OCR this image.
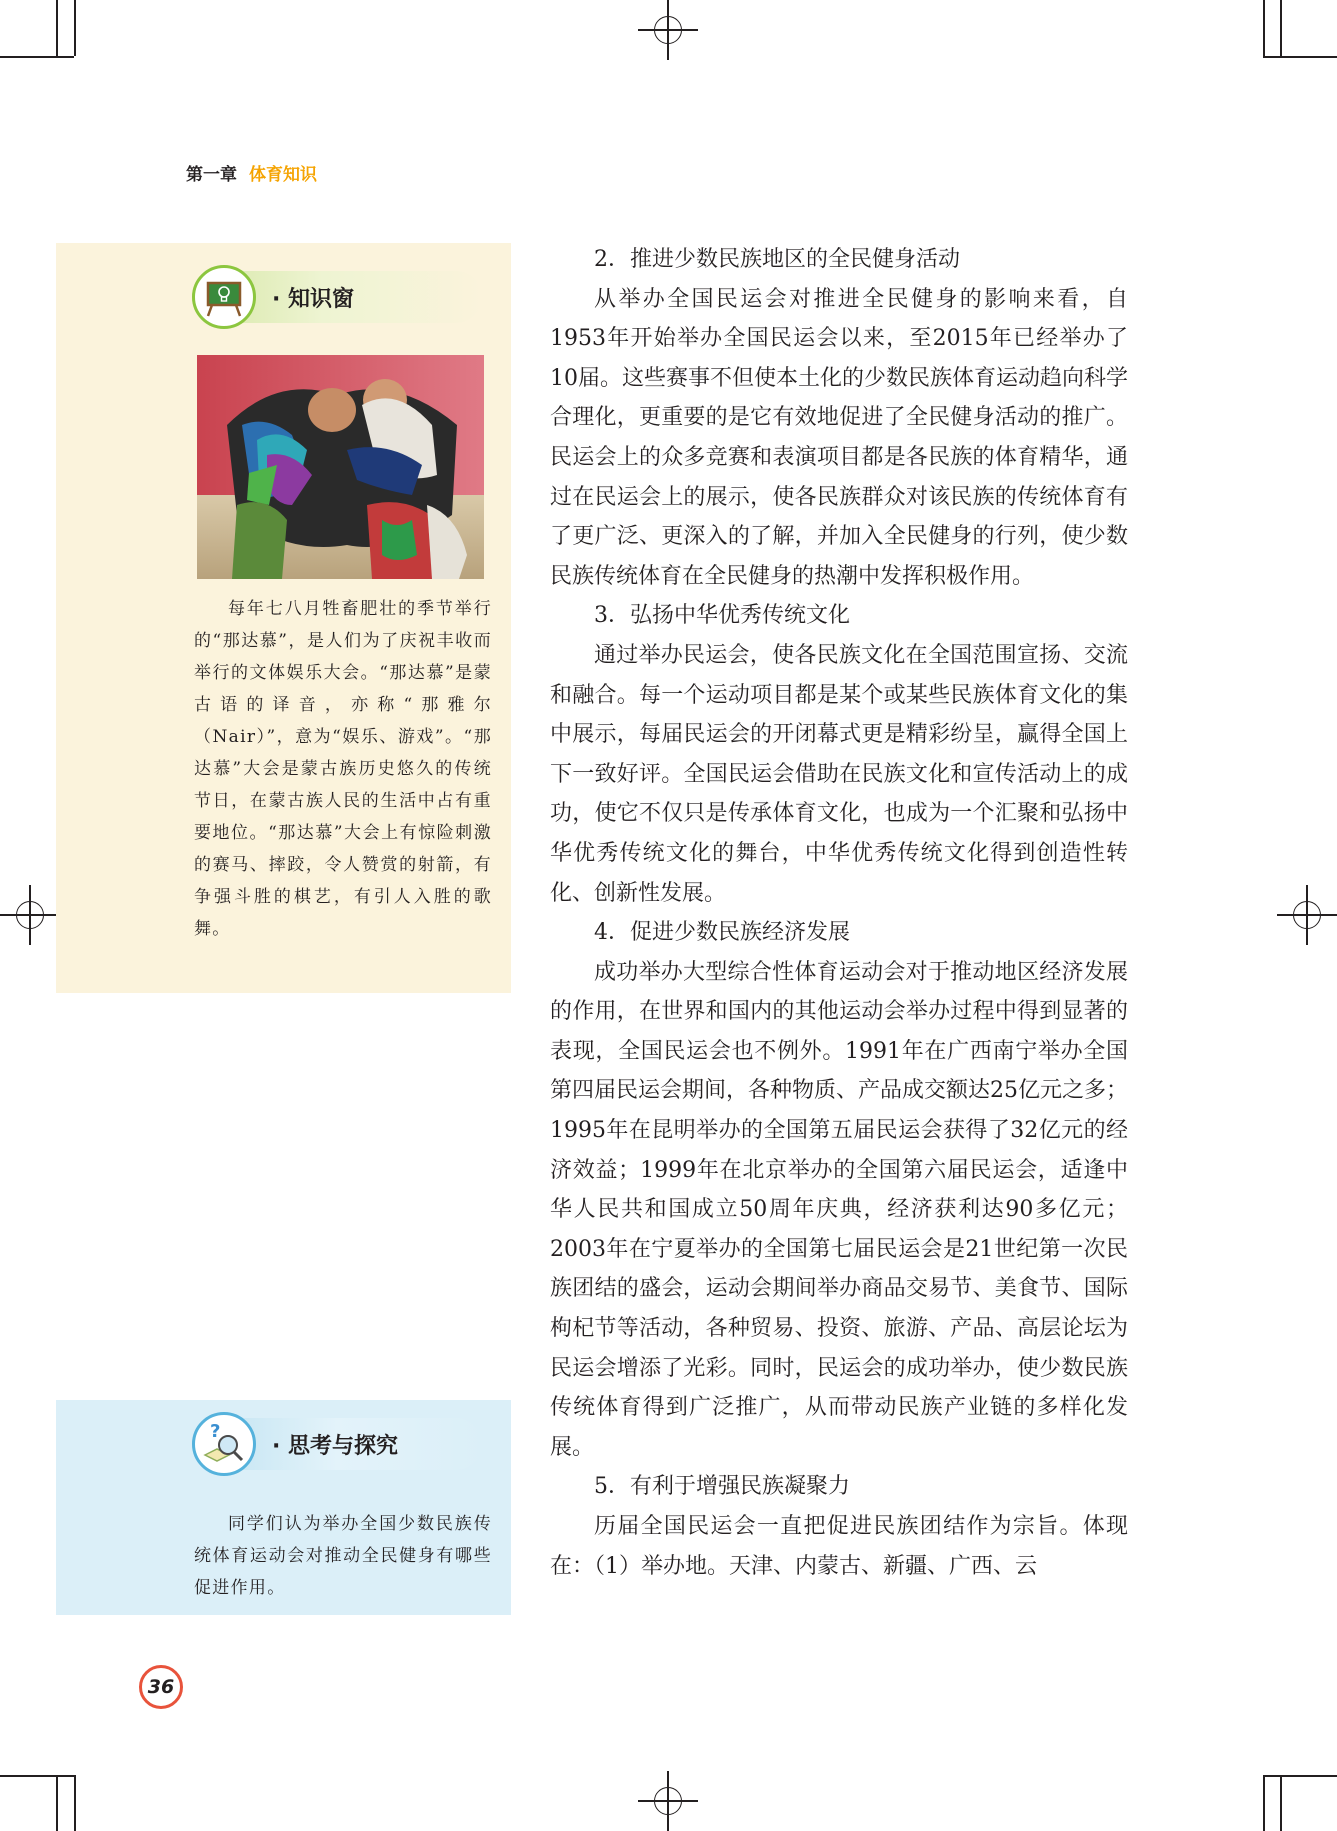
第一章 体育知识
· 知识窗
每年七八月牲畜肥壮的季节举行的“那达慕”，是人们为了庆祝丰收而举行的文体娱乐大会。“那达慕”是蒙古语的译音，亦称“那雅尔（Nair）”，意为“娱乐、游戏”。“那达慕”大会是蒙古族历史悠久的传统节日，在蒙古族人民的生活中占有重要地位。“那达慕”大会上有惊险刺激的赛马、摔跤，令人赞赏的射箭，有争强斗胜的棋艺，有引人入胜的歌舞。
?
· 思考与探究
同学们认为举办全国少数民族传统体育运动会对推动全民健身有哪些促进作用。

2．推进少数民族地区的全民健身活动

从举办全国民运会对推进全民健身的影响来看，自1953年开始举办全国民运会以来，至2015年已经举办了10届。这些赛事不但使本土化的少数民族体育运动趋向科学合理化，更重要的是它有效地促进了全民健身活动的推广。民运会上的众多竞赛和表演项目都是各民族的体育精华，通过在民运会上的展示，使各民族群众对该民族的传统体育有了更广泛、更深入的了解，并加入全民健身的行列，使少数民族传统体育在全民健身的热潮中发挥积极作用。

3．弘扬中华优秀传统文化

通过举办民运会，使各民族文化在全国范围宣扬、交流和融合。每一个运动项目都是某个或某些民族体育文化的集中展示，每届民运会的开闭幕式更是精彩纷呈，赢得全国上下一致好评。全国民运会借助在民族文化和宣传活动上的成功，使它不仅只是传承体育文化，也成为一个汇聚和弘扬中华优秀传统文化的舞台，中华优秀传统文化得到创造性转化、创新性发展。

4．促进少数民族经济发展

成功举办大型综合性体育运动会对于推动地区经济发展的作用，在世界和国内的其他运动会举办过程中得到显著的表现，全国民运会也不例外。1991年在广西南宁举办全国第四届民运会期间，各种物质、产品成交额达25亿元之多；1995年在昆明举办的全国第五届民运会获得了32亿元的经济效益；1999年在北京举办的全国第六届民运会，适逢中华人民共和国成立50周年庆典，经济获利达90多亿元；2003年在宁夏举办的全国第七届民运会是21世纪第一次民族团结的盛会，运动会期间举办商品交易节、美食节、国际枸杞节等活动，各种贸易、投资、旅游、产品、高层论坛为民运会增添了光彩。同时，民运会的成功举办，使少数民族传统体育得到广泛推广，从而带动民族产业链的多样化发展。

5．有利于增强民族凝聚力

历届全国民运会一直把促进民族团结作为宗旨。体现在：（1）举办地。天津、内蒙古、新疆、广西、云

36
